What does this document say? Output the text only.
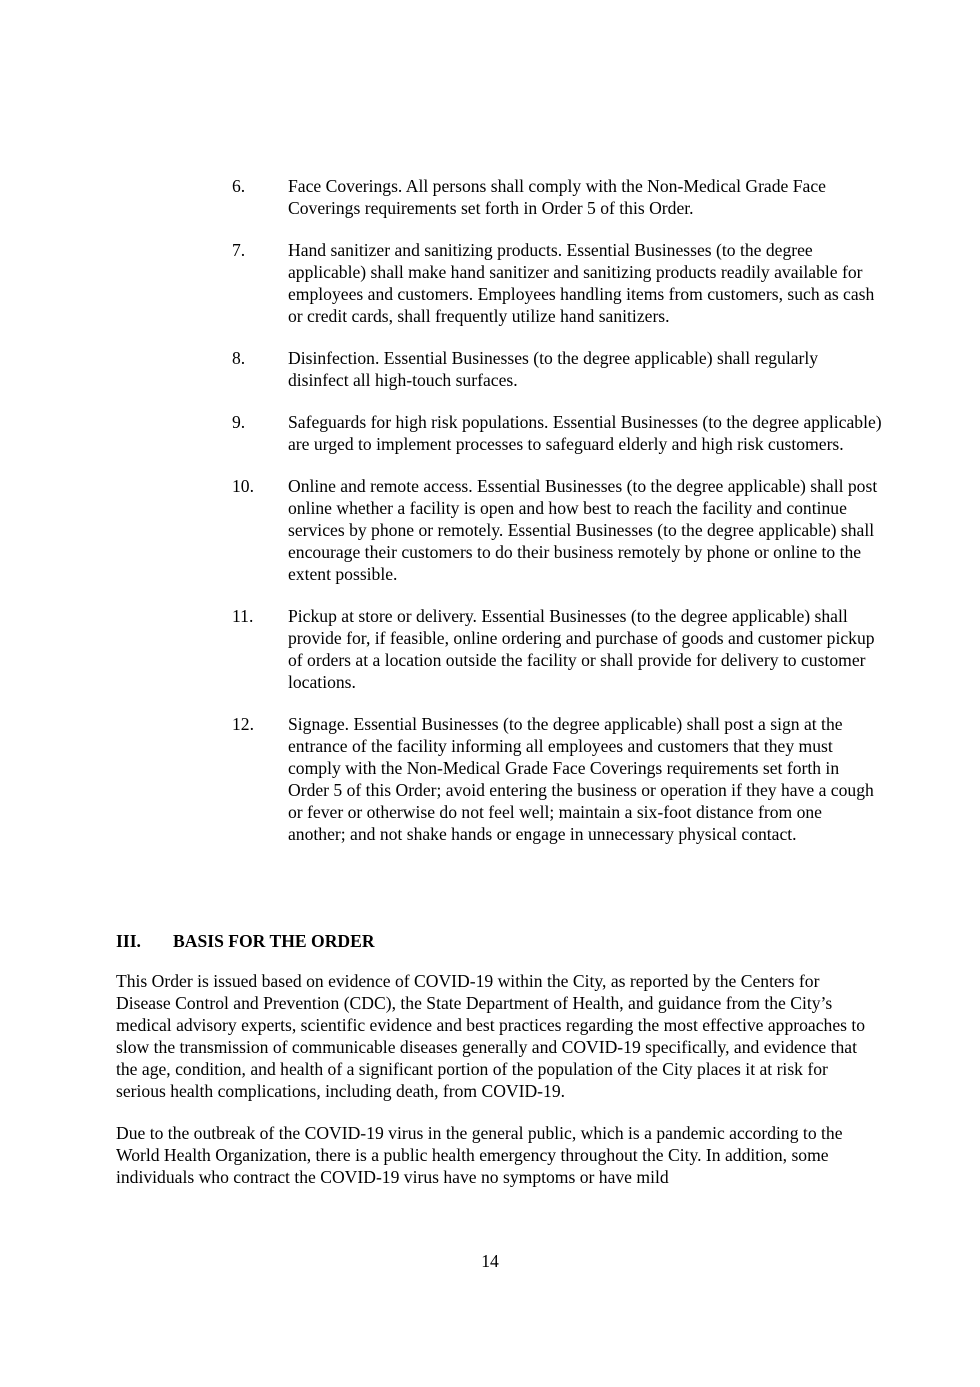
6. Face Coverings. All persons shall comply with the Non-Medical Grade Face Coverings requirements set forth in Order 5 of this Order.
7. Hand sanitizer and sanitizing products. Essential Businesses (to the degree applicable) shall make hand sanitizer and sanitizing products readily available for employees and customers. Employees handling items from customers, such as cash or credit cards, shall frequently utilize hand sanitizers.
8. Disinfection. Essential Businesses (to the degree applicable) shall regularly disinfect all high-touch surfaces.
9. Safeguards for high risk populations. Essential Businesses (to the degree applicable) are urged to implement processes to safeguard elderly and high risk customers.
10. Online and remote access. Essential Businesses (to the degree applicable) shall post online whether a facility is open and how best to reach the facility and continue services by phone or remotely. Essential Businesses (to the degree applicable) shall encourage their customers to do their business remotely by phone or online to the extent possible.
11. Pickup at store or delivery. Essential Businesses (to the degree applicable) shall provide for, if feasible, online ordering and purchase of goods and customer pickup of orders at a location outside the facility or shall provide for delivery to customer locations.
12. Signage. Essential Businesses (to the degree applicable) shall post a sign at the entrance of the facility informing all employees and customers that they must comply with the Non-Medical Grade Face Coverings requirements set forth in Order 5 of this Order; avoid entering the business or operation if they have a cough or fever or otherwise do not feel well; maintain a six-foot distance from one another; and not shake hands or engage in unnecessary physical contact.
III. BASIS FOR THE ORDER

This Order is issued based on evidence of COVID-19 within the City, as reported by the Centers for Disease Control and Prevention (CDC), the State Department of Health, and guidance from the City’s medical advisory experts, scientific evidence and best practices regarding the most effective approaches to slow the transmission of communicable diseases generally and COVID-19 specifically, and evidence that the age, condition, and health of a significant portion of the population of the City places it at risk for serious health complications, including death, from COVID-19.

Due to the outbreak of the COVID-19 virus in the general public, which is a pandemic according to the World Health Organization, there is a public health emergency throughout the City. In addition, some individuals who contract the COVID-19 virus have no symptoms or have mild

14
